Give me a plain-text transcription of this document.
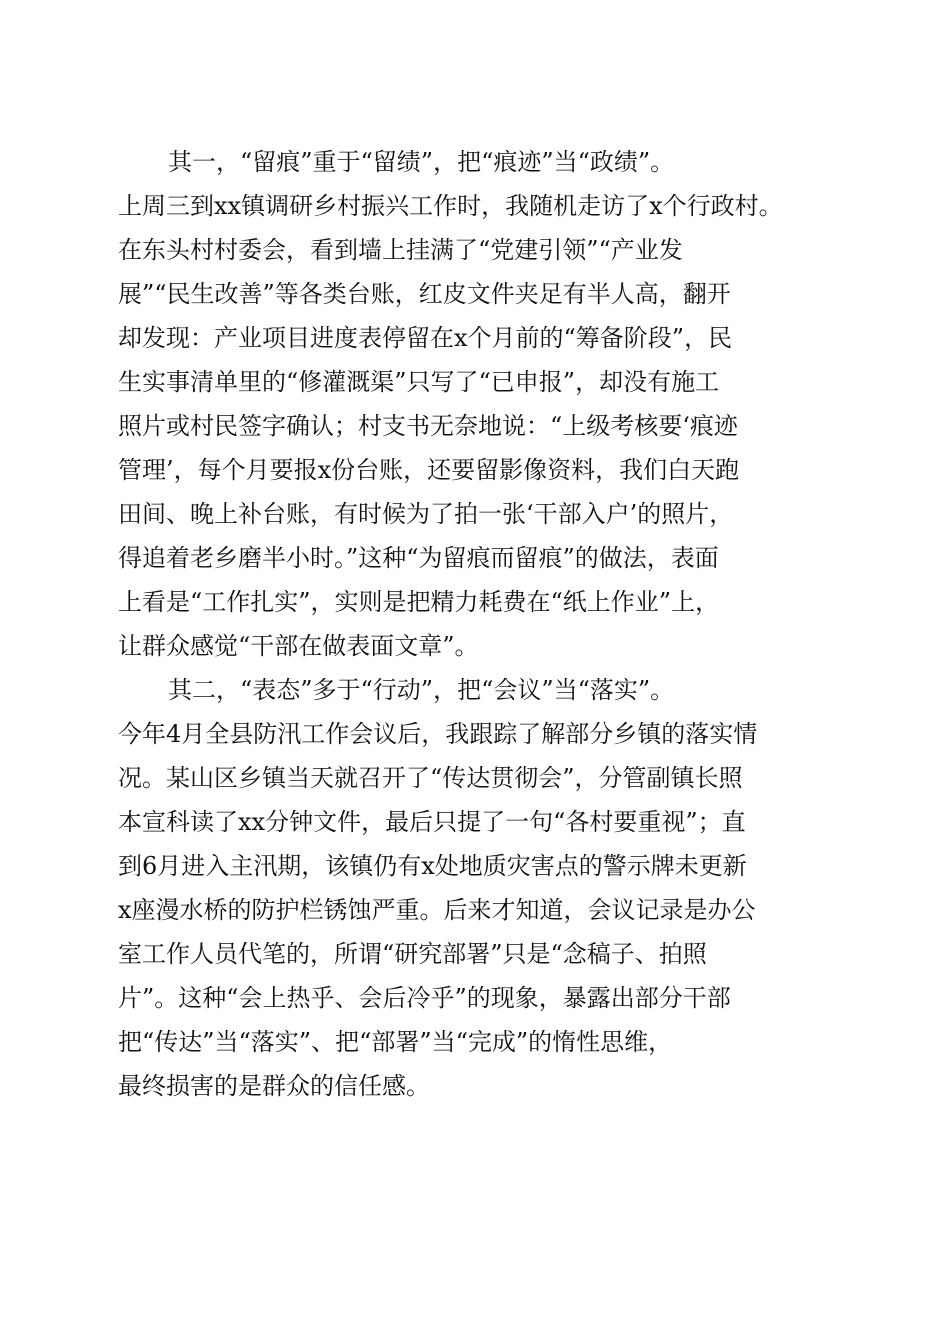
其一，“留痕”重于“留绩”，把“痕迹”当“政绩”。
上周三到xx镇调研乡村振兴工作时，我随机走访了x个行政村。
在东头村村委会，看到墙上挂满了“党建引领”“产业发
展”“民生改善”等各类台账，红皮文件夹足有半人高，翻开
却发现：产业项目进度表停留在x个月前的“筹备阶段”，民
生实事清单里的“修灌溉渠”只写了“已申报”，却没有施工
照片或村民签字确认；村支书无奈地说：“上级考核要‘痕迹
管理’，每个月要报x份台账，还要留影像资料，我们白天跑
田间、晚上补台账，有时候为了拍一张‘干部入户’的照片，
得追着老乡磨半小时。”这种“为留痕而留痕”的做法，表面
上看是“工作扎实”，实则是把精力耗费在“纸上作业”上，
让群众感觉“干部在做表面文章”。
其二，“表态”多于“行动”，把“会议”当“落实”。
今年4月全县防汛工作会议后，我跟踪了解部分乡镇的落实情
况。某山区乡镇当天就召开了“传达贯彻会”，分管副镇长照
本宣科读了xx分钟文件，最后只提了一句“各村要重视”；直
到6月进入主汛期，该镇仍有x处地质灾害点的警示牌未更新
x座漫水桥的防护栏锈蚀严重。后来才知道，会议记录是办公
室工作人员代笔的，所谓“研究部署”只是“念稿子、拍照
片”。这种“会上热乎、会后冷乎”的现象，暴露出部分干部
把“传达”当“落实”、把“部署”当“完成”的惰性思维，
最终损害的是群众的信任感。
